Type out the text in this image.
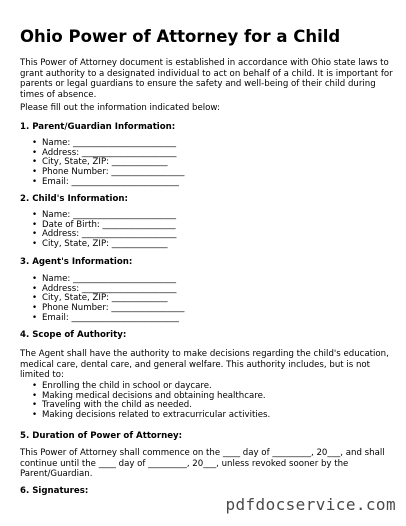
Ohio Power of Attorney for a Child

This Power of Attorney document is established in accordance with Ohio state laws to grant authority to a designated individual to act on behalf of a child. It is important for parents or legal guardians to ensure the safety and well-being of their child during times of absence.

Please fill out the information indicated below:

1. Parent/Guardian Information:
• Name: ________________________
• Address: ______________________
• City, State, ZIP: _____________
• Phone Number: _________________
• Email: _________________________
2. Child's Information:
• Name: ________________________
• Date of Birth: _________________
• Address: ______________________
• City, State, ZIP: _____________
3. Agent's Information:
• Name: ________________________
• Address: ______________________
• City, State, ZIP: _____________
• Phone Number: _________________
• Email: _________________________
4. Scope of Authority:

The Agent shall have the authority to make decisions regarding the child's education, medical care, dental care, and general welfare. This authority includes, but is not limited to:

• Enrolling the child in school or daycare.
• Making medical decisions and obtaining healthcare.
• Traveling with the child as needed.
• Making decisions related to extracurricular activities.
5. Duration of Power of Attorney:

This Power of Attorney shall commence on the ____ day of _________, 20___, and shall continue until the ____ day of _________, 20___, unless revoked sooner by the Parent/Guardian.

6. Signatures:
pdfdocservice.com
